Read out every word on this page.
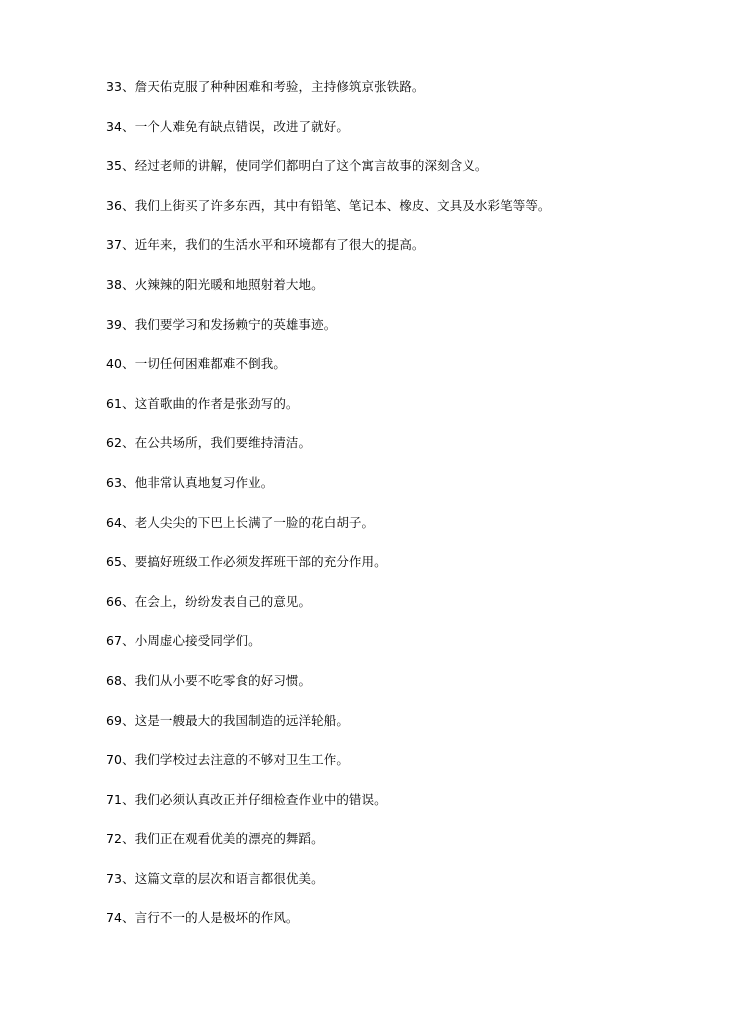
33、詹天佑克服了种种困难和考验，主持修筑京张铁路。
34、一个人难免有缺点错误，改进了就好。
35、经过老师的讲解，使同学们都明白了这个寓言故事的深刻含义。
36、我们上街买了许多东西，其中有铅笔、笔记本、橡皮、文具及水彩笔等等。
37、近年来，我们的生活水平和环境都有了很大的提高。
38、火辣辣的阳光暖和地照射着大地。
39、我们要学习和发扬赖宁的英雄事迹。
40、一切任何困难都难不倒我。
61、这首歌曲的作者是张劲写的。
62、在公共场所，我们要维持清洁。
63、他非常认真地复习作业。
64、老人尖尖的下巴上长满了一脸的花白胡子。
65、要搞好班级工作必须发挥班干部的充分作用。
66、在会上，纷纷发表自己的意见。
67、小周虚心接受同学们。
68、我们从小要不吃零食的好习惯。
69、这是一艘最大的我国制造的远洋轮船。
70、我们学校过去注意的不够对卫生工作。
71、我们必须认真改正并仔细检查作业中的错误。
72、我们正在观看优美的漂亮的舞蹈。
73、这篇文章的层次和语言都很优美。
74、言行不一的人是极坏的作风。
